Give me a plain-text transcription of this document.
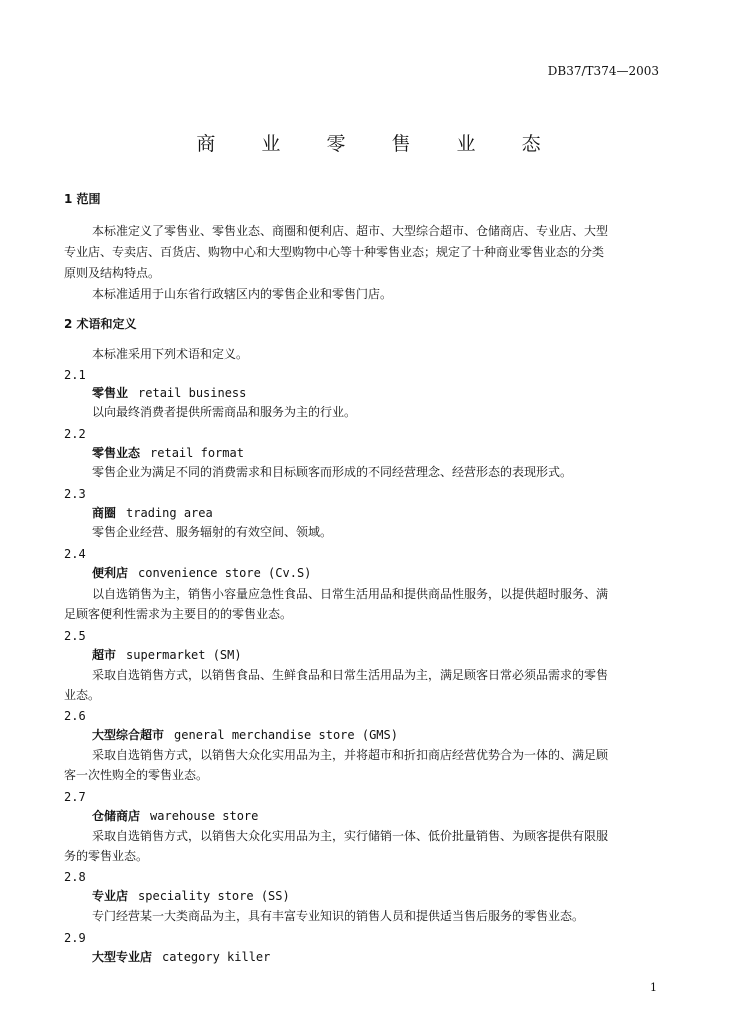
DB37/T374—2003
商 业 零 售 业 态
1 范围
本标准定义了零售业、零售业态、商圈和便利店、超市、大型综合超市、仓储商店、专业店、大型
专业店、专卖店、百货店、购物中心和大型购物中心等十种零售业态；规定了十种商业零售业态的分类
原则及结构特点。
本标准适用于山东省行政辖区内的零售企业和零售门店。
2 术语和定义
本标准采用下列术语和定义。
2.1
零售业 retail business
以向最终消费者提供所需商品和服务为主的行业。
2.2
零售业态 retail format
零售企业为满足不同的消费需求和目标顾客而形成的不同经营理念、经营形态的表现形式。
2.3
商圈 trading area
零售企业经营、服务辐射的有效空间、领域。
2.4
便利店 convenience store (Cv.S)
以自选销售为主，销售小容量应急性食品、日常生活用品和提供商品性服务，以提供超时服务、满
足顾客便利性需求为主要目的的零售业态。
2.5
超市 supermarket (SM)
采取自选销售方式，以销售食品、生鲜食品和日常生活用品为主，满足顾客日常必须品需求的零售
业态。
2.6
大型综合超市 general merchandise store (GMS)
采取自选销售方式，以销售大众化实用品为主，并将超市和折扣商店经营优势合为一体的、满足顾
客一次性购全的零售业态。
2.7
仓储商店 warehouse store
采取自选销售方式，以销售大众化实用品为主，实行储销一体、低价批量销售、为顾客提供有限服
务的零售业态。
2.8
专业店 speciality store (SS)
专门经营某一大类商品为主，具有丰富专业知识的销售人员和提供适当售后服务的零售业态。
2.9
大型专业店 category killer
1
